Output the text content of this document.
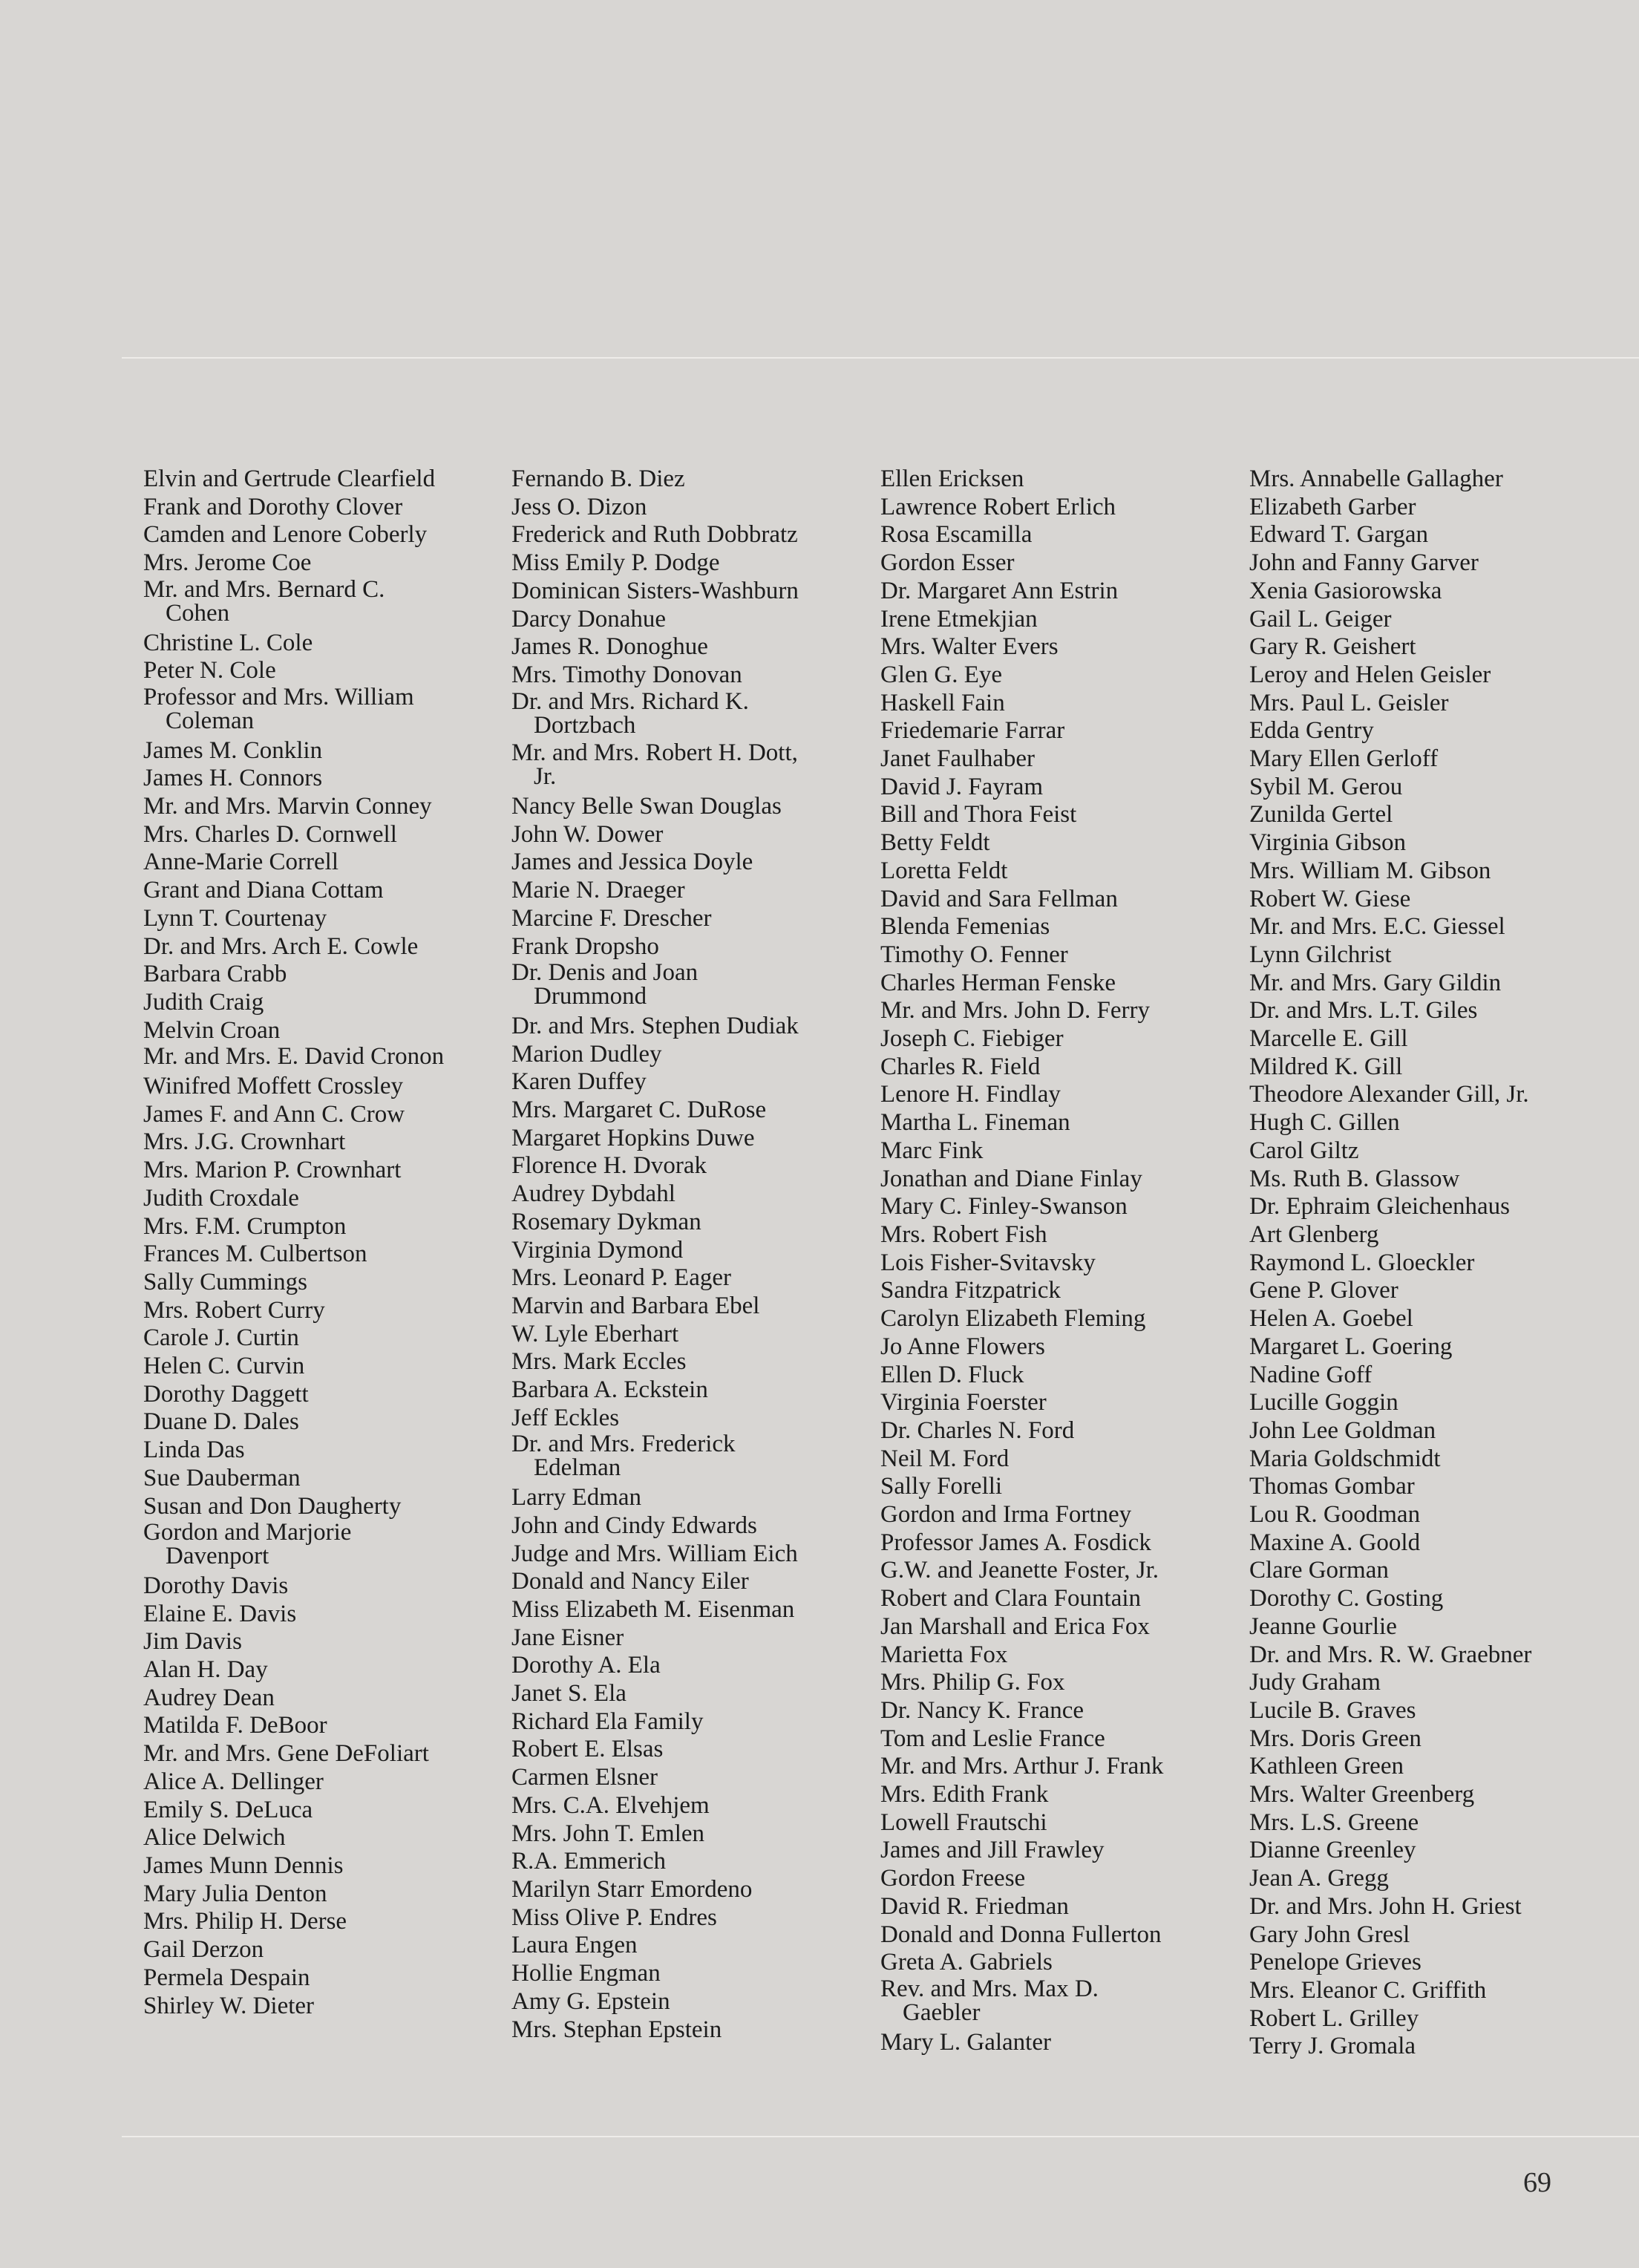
Elvin and Gertrude Clearfield
Frank and Dorothy Clover
Camden and Lenore Coberly
Mrs. Jerome Coe
Mr. and Mrs. Bernard C. Cohen
Christine L. Cole
Peter N. Cole
Professor and Mrs. William Coleman
James M. Conklin
James H. Connors
Mr. and Mrs. Marvin Conney
Mrs. Charles D. Cornwell
Anne-Marie Correll
Grant and Diana Cottam
Lynn T. Courtenay
Dr. and Mrs. Arch E. Cowle
Barbara Crabb
Judith Craig
Melvin Croan
Mr. and Mrs. E. David Cronon
Winifred Moffett Crossley
James F. and Ann C. Crow
Mrs. J.G. Crownhart
Mrs. Marion P. Crownhart
Judith Croxdale
Mrs. F.M. Crumpton
Frances M. Culbertson
Sally Cummings
Mrs. Robert Curry
Carole J. Curtin
Helen C. Curvin
Dorothy Daggett
Duane D. Dales
Linda Das
Sue Dauberman
Susan and Don Daugherty
Gordon and Marjorie Davenport
Dorothy Davis
Elaine E. Davis
Jim Davis
Alan H. Day
Audrey Dean
Matilda F. DeBoor
Mr. and Mrs. Gene DeFoliart
Alice A. Dellinger
Emily S. DeLuca
Alice Delwich
James Munn Dennis
Mary Julia Denton
Mrs. Philip H. Derse
Gail Derzon
Permela Despain
Shirley W. Dieter
Fernando B. Diez
Jess O. Dizon
Frederick and Ruth Dobbratz
Miss Emily P. Dodge
Dominican Sisters-Washburn
Darcy Donahue
James R. Donoghue
Mrs. Timothy Donovan
Dr. and Mrs. Richard K. Dortzbach
Mr. and Mrs. Robert H. Dott, Jr.
Nancy Belle Swan Douglas
John W. Dower
James and Jessica Doyle
Marie N. Draeger
Marcine F. Drescher
Frank Dropsho
Dr. Denis and Joan Drummond
Dr. and Mrs. Stephen Dudiak
Marion Dudley
Karen Duffey
Mrs. Margaret C. DuRose
Margaret Hopkins Duwe
Florence H. Dvorak
Audrey Dybdahl
Rosemary Dykman
Virginia Dymond
Mrs. Leonard P. Eager
Marvin and Barbara Ebel
W. Lyle Eberhart
Mrs. Mark Eccles
Barbara A. Eckstein
Jeff Eckles
Dr. and Mrs. Frederick Edelman
Larry Edman
John and Cindy Edwards
Judge and Mrs. William Eich
Donald and Nancy Eiler
Miss Elizabeth M. Eisenman
Jane Eisner
Dorothy A. Ela
Janet S. Ela
Richard Ela Family
Robert E. Elsas
Carmen Elsner
Mrs. C.A. Elvehjem
Mrs. John T. Emlen
R.A. Emmerich
Marilyn Starr Emordeno
Miss Olive P. Endres
Laura Engen
Hollie Engman
Amy G. Epstein
Mrs. Stephan Epstein
Ellen Ericksen
Lawrence Robert Erlich
Rosa Escamilla
Gordon Esser
Dr. Margaret Ann Estrin
Irene Etmekjian
Mrs. Walter Evers
Glen G. Eye
Haskell Fain
Friedemarie Farrar
Janet Faulhaber
David J. Fayram
Bill and Thora Feist
Betty Feldt
Loretta Feldt
David and Sara Fellman
Blenda Femenias
Timothy O. Fenner
Charles Herman Fenske
Mr. and Mrs. John D. Ferry
Joseph C. Fiebiger
Charles R. Field
Lenore H. Findlay
Martha L. Fineman
Marc Fink
Jonathan and Diane Finlay
Mary C. Finley-Swanson
Mrs. Robert Fish
Lois Fisher-Svitavsky
Sandra Fitzpatrick
Carolyn Elizabeth Fleming
Jo Anne Flowers
Ellen D. Fluck
Virginia Foerster
Dr. Charles N. Ford
Neil M. Ford
Sally Forelli
Gordon and Irma Fortney
Professor James A. Fosdick
G.W. and Jeanette Foster, Jr.
Robert and Clara Fountain
Jan Marshall and Erica Fox
Marietta Fox
Mrs. Philip G. Fox
Dr. Nancy K. France
Tom and Leslie France
Mr. and Mrs. Arthur J. Frank
Mrs. Edith Frank
Lowell Frautschi
James and Jill Frawley
Gordon Freese
David R. Friedman
Donald and Donna Fullerton
Greta A. Gabriels
Rev. and Mrs. Max D. Gaebler
Mary L. Galanter
Mrs. Annabelle Gallagher
Elizabeth Garber
Edward T. Gargan
John and Fanny Garver
Xenia Gasiorowska
Gail L. Geiger
Gary R. Geishert
Leroy and Helen Geisler
Mrs. Paul L. Geisler
Edda Gentry
Mary Ellen Gerloff
Sybil M. Gerou
Zunilda Gertel
Virginia Gibson
Mrs. William M. Gibson
Robert W. Giese
Mr. and Mrs. E.C. Giessel
Lynn Gilchrist
Mr. and Mrs. Gary Gildin
Dr. and Mrs. L.T. Giles
Marcelle E. Gill
Mildred K. Gill
Theodore Alexander Gill, Jr.
Hugh C. Gillen
Carol Giltz
Ms. Ruth B. Glassow
Dr. Ephraim Gleichenhaus
Art Glenberg
Raymond L. Gloeckler
Gene P. Glover
Helen A. Goebel
Margaret L. Goering
Nadine Goff
Lucille Goggin
John Lee Goldman
Maria Goldschmidt
Thomas Gombar
Lou R. Goodman
Maxine A. Goold
Clare Gorman
Dorothy C. Gosting
Jeanne Gourlie
Dr. and Mrs. R. W. Graebner
Judy Graham
Lucile B. Graves
Mrs. Doris Green
Kathleen Green
Mrs. Walter Greenberg
Mrs. L.S. Greene
Dianne Greenley
Jean A. Gregg
Dr. and Mrs. John H. Griest
Gary John Gresl
Penelope Grieves
Mrs. Eleanor C. Griffith
Robert L. Grilley
Terry J. Gromala
69
